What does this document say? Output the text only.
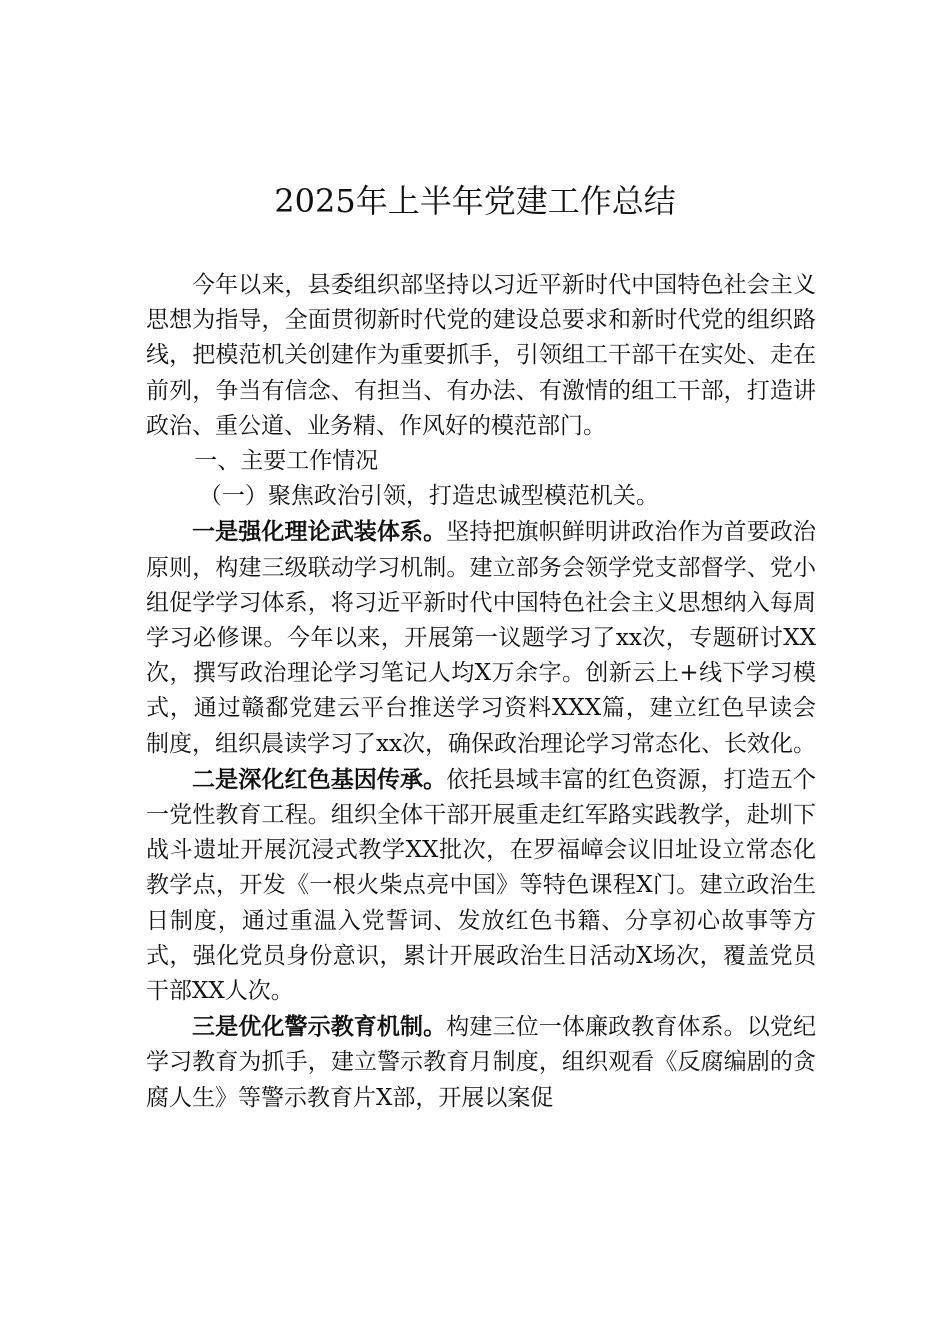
2025年上半年党建工作总结

今年以来，县委组织部坚持以习近平新时代中国特色社会主义思想为指导，全面贯彻新时代党的建设总要求和新时代党的组织路线，把模范机关创建作为重要抓手，引领组工干部干在实处、走在前列，争当有信念、有担当、有办法、有激情的组工干部，打造讲政治、重公道、业务精、作风好的模范部门。

一、主要工作情况

（一）聚焦政治引领，打造忠诚型模范机关。

一是强化理论武装体系。坚持把旗帜鲜明讲政治作为首要政治原则，构建三级联动学习机制。建立部务会领学党支部督学、党小组促学学习体系，将习近平新时代中国特色社会主义思想纳入每周学习必修课。今年以来，开展第一议题学习了xx次，专题研讨XX次，撰写政治理论学习笔记人均X万余字。创新云上+线下学习模式，通过赣鄱党建云平台推送学习资料XXX篇，建立红色早读会制度，组织晨读学习了xx次，确保政治理论学习常态化、长效化。

二是深化红色基因传承。依托县域丰富的红色资源，打造五个一党性教育工程。组织全体干部开展重走红军路实践教学，赴圳下战斗遗址开展沉浸式教学XX批次，在罗福嶂会议旧址设立常态化教学点，开发《一根火柴点亮中国》等特色课程X门。建立政治生日制度，通过重温入党誓词、发放红色书籍、分享初心故事等方式，强化党员身份意识，累计开展政治生日活动X场次，覆盖党员干部XX人次。

三是优化警示教育机制。构建三位一体廉政教育体系。以党纪学习教育为抓手，建立警示教育月制度，组织观看《反腐编剧的贪腐人生》等警示教育片X部，开展以案促
